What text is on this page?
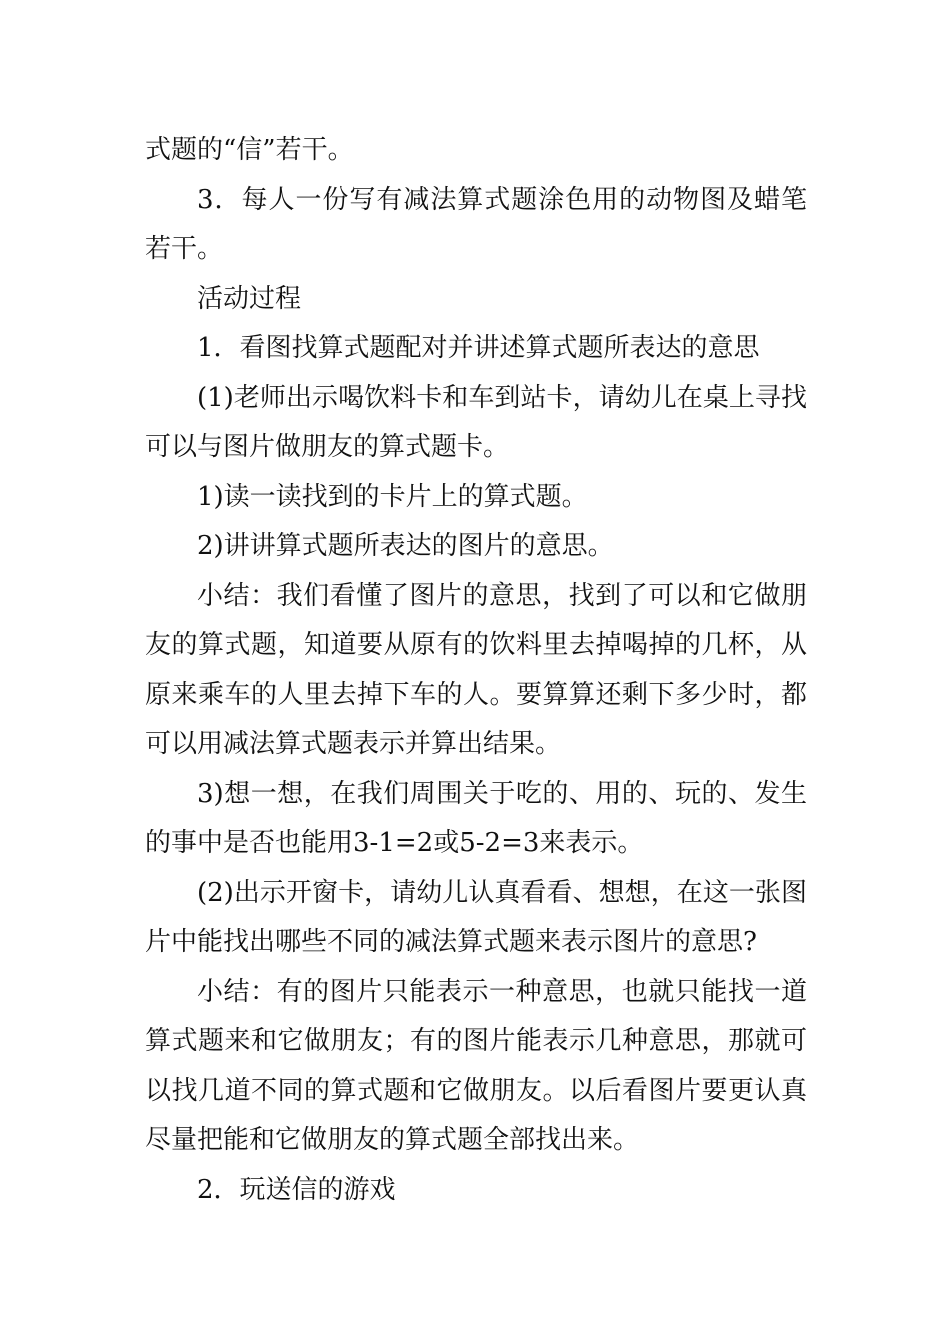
式题的“信”若干。

3．每人一份写有减法算式题涂色用的动物图及蜡笔若干。

活动过程

1．看图找算式题配对并讲述算式题所表达的意思

(1)老师出示喝饮料卡和车到站卡，请幼儿在桌上寻找可以与图片做朋友的算式题卡。

1)读一读找到的卡片上的算式题。

2)讲讲算式题所表达的图片的意思。

小结：我们看懂了图片的意思，找到了可以和它做朋友的算式题，知道要从原有的饮料里去掉喝掉的几杯，从原来乘车的人里去掉下车的人。要算算还剩下多少时，都可以用减法算式题表示并算出结果。

3)想一想，在我们周围关于吃的、用的、玩的、发生的事中是否也能用3-1=2或5-2=3来表示。

(2)出示开窗卡，请幼儿认真看看、想想，在这一张图片中能找出哪些不同的减法算式题来表示图片的意思?

小结：有的图片只能表示一种意思，也就只能找一道算式题来和它做朋友；有的图片能表示几种意思，那就可以找几道不同的算式题和它做朋友。以后看图片要更认真尽量把能和它做朋友的算式题全部找出来。

2．玩送信的游戏
